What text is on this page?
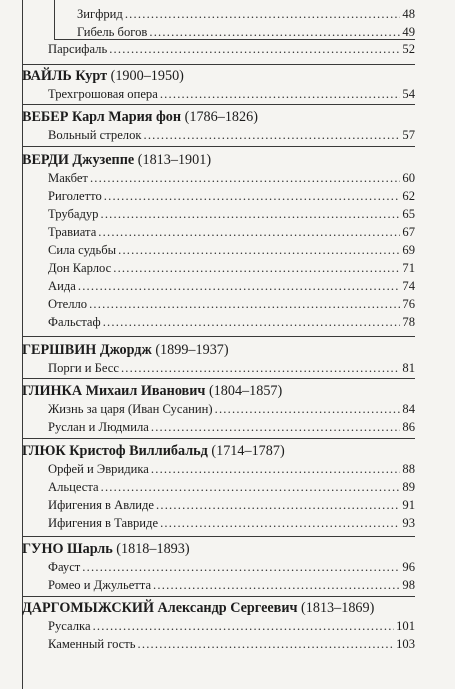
Зигфрид .....	48
Гибель богов .....	49
Парсифаль .....	52
ВАЙЛЬ Курт (1900–1950)
Трехгрошовая опера .....	54
ВЕБЕР Карл Мария фон (1786–1826)
Вольный стрелок .....	57
ВЕРДИ Джузеппе (1813–1901)
Макбет .....	60
Риголетто .....	62
Трубадур .....	65
Травиата .....	67
Сила судьбы .....	69
Дон Карлос .....	71
Аида .....	74
Отелло .....	76
Фальстаф .....	78
ГЕРШВИН Джордж (1899–1937)
Порги и Бесс .....	81
ГЛИНКА Михаил Иванович (1804–1857)
Жизнь за царя (Иван Сусанин) .....	84
Руслан и Людмила .....	86
ГЛЮК Кристоф Виллибальд (1714–1787)
Орфей и Эвридика .....	88
Альцеста .....	89
Ифигения в Авлиде .....	91
Ифигения в Тавриде .....	93
ГУНО Шарль (1818–1893)
Фауст .....	96
Ромео и Джульетта .....	98
ДАРГОМЫЖСКИЙ Александр Сергеевич (1813–1869)
Русалка .....	101
Каменный гость .....	103
